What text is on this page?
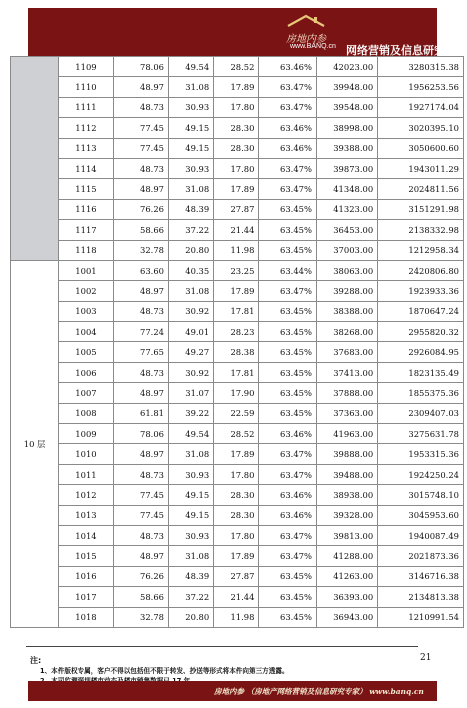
房地内参
www.BANQ.cn 网络营销及信息研究专家
	1109	78.06	49.54	28.52	63.46%	42023.00	3280315.38
	1110	48.97	31.08	17.89	63.47%	39948.00	1956253.56
	1111	48.73	30.93	17.80	63.47%	39548.00	1927174.04
	1112	77.45	49.15	28.30	63.46%	38998.00	3020395.10
	1113	77.45	49.15	28.30	63.46%	39388.00	3050600.60
	1114	48.73	30.93	17.80	63.47%	39873.00	1943011.29
	1115	48.97	31.08	17.89	63.47%	41348.00	2024811.56
	1116	76.26	48.39	27.87	63.45%	41323.00	3151291.98
	1117	58.66	37.22	21.44	63.45%	36453.00	2138332.98
	1118	32.78	20.80	11.98	63.45%	37003.00	1212958.34
10 层	1001	63.60	40.35	23.25	63.44%	38063.00	2420806.80
	1002	48.97	31.08	17.89	63.47%	39288.00	1923933.36
	1003	48.73	30.92	17.81	63.45%	38388.00	1870647.24
	1004	77.24	49.01	28.23	63.45%	38268.00	2955820.32
	1005	77.65	49.27	28.38	63.45%	37683.00	2926084.95
	1006	48.73	30.92	17.81	63.45%	37413.00	1823135.49
	1007	48.97	31.07	17.90	63.45%	37888.00	1855375.36
	1008	61.81	39.22	22.59	63.45%	37363.00	2309407.03
	1009	78.06	49.54	28.52	63.46%	41963.00	3275631.78
	1010	48.97	31.08	17.89	63.47%	39888.00	1953315.36
	1011	48.73	30.93	17.80	63.47%	39488.00	1924250.24
	1012	77.45	49.15	28.30	63.46%	38938.00	3015748.10
	1013	77.45	49.15	28.30	63.46%	39328.00	3045953.60
	1014	48.73	30.93	17.80	63.47%	39813.00	1940087.49
	1015	48.97	31.08	17.89	63.47%	41288.00	2021873.36
	1016	76.26	48.39	27.87	63.45%	41263.00	3146716.38
	1017	58.66	37.22	21.44	63.45%	36393.00	2134813.38
	1018	32.78	20.80	11.98	63.45%	36943.00	1210991.54
注:
1、本件版权专属，客户不得以包括但不限于转发、抄送等形式将本件向第三方透露。
21
房地内参 （房地产网络营销及信息研究专家） www.banq.cn
